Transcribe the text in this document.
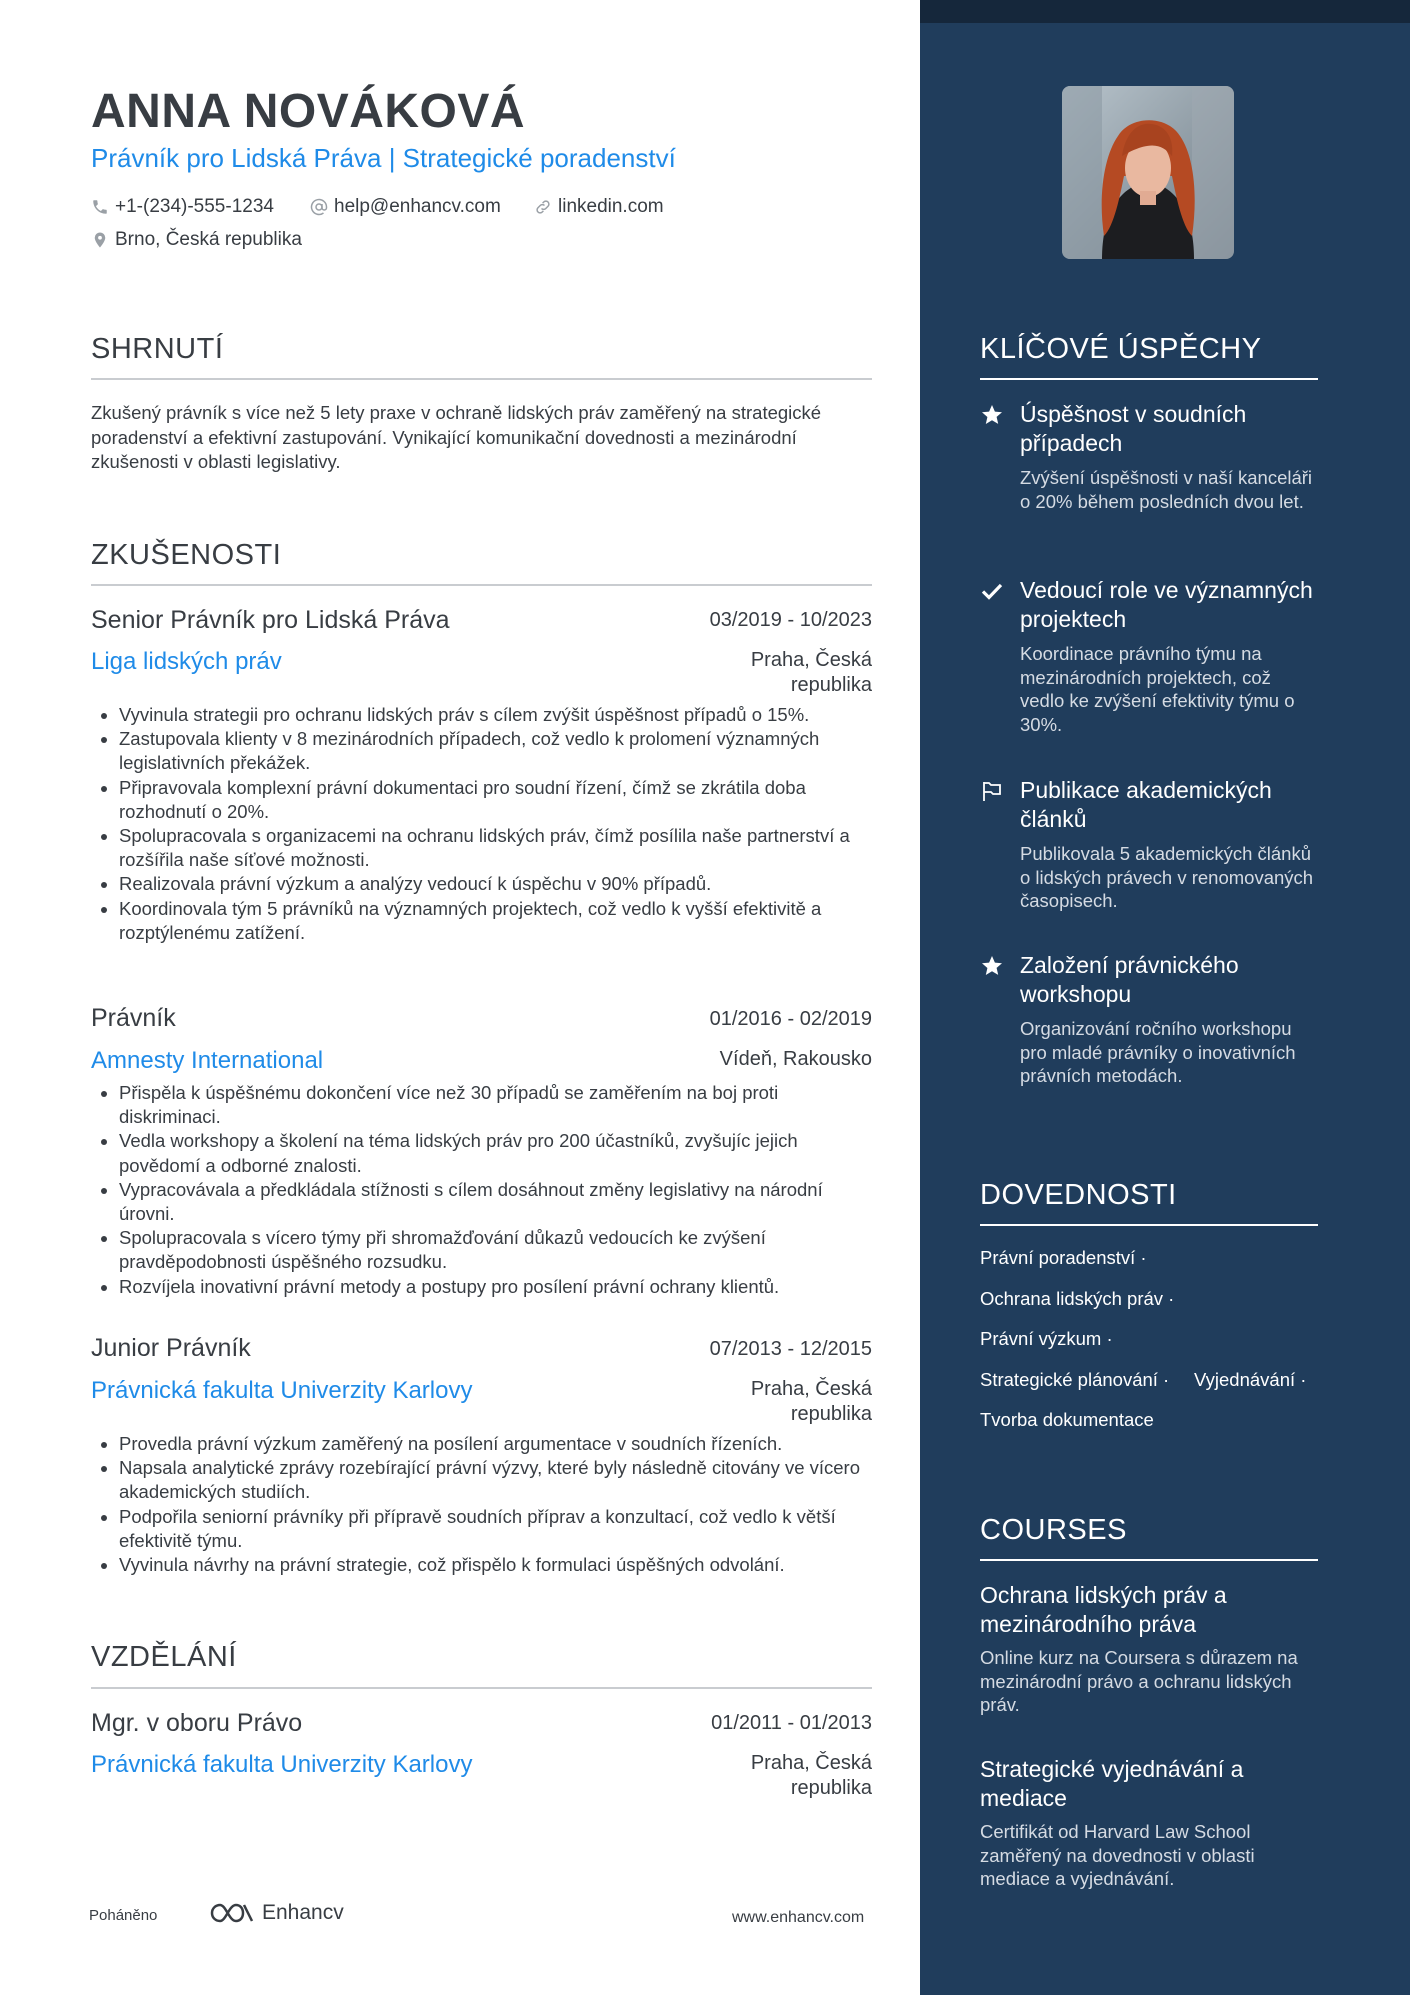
ANNA NOVÁKOVÁ
Právník pro Lidská Práva | Strategické poradenství
+1-(234)-555-1234	help@enhancv.com	linkedin.com
Brno, Česká republika
SHRNUTÍ
Zkušený právník s více než 5 lety praxe v ochraně lidských práv zaměřený na strategické poradenství a efektivní zastupování. Vynikající komunikační dovednosti a mezinárodní zkušenosti v oblasti legislativy.
ZKUŠENOSTI
Senior Právník pro Lidská Práva	03/2019 - 10/2023
Liga lidských práv	Praha, Česká republika
• Vyvinula strategii pro ochranu lidských práv s cílem zvýšit úspěšnost případů o 15%.
• Zastupovala klienty v 8 mezinárodních případech, což vedlo k prolomení významných legislativních překážek.
• Připravovala komplexní právní dokumentaci pro soudní řízení, čímž se zkrátila doba rozhodnutí o 20%.
• Spolupracovala s organizacemi na ochranu lidských práv, čímž posílila naše partnerství a rozšířila naše síťové možnosti.
• Realizovala právní výzkum a analýzy vedoucí k úspěchu v 90% případů.
• Koordinovala tým 5 právníků na významných projektech, což vedlo k vyšší efektivitě a rozptýlenému zatížení.
Právník	01/2016 - 02/2019
Amnesty International	Vídeň, Rakousko
• Přispěla k úspěšnému dokončení více než 30 případů se zaměřením na boj proti diskriminaci.
• Vedla workshopy a školení na téma lidských práv pro 200 účastníků, zvyšujíc jejich povědomí a odborné znalosti.
• Vypracovávala a předkládala stížnosti s cílem dosáhnout změny legislativy na národní úrovni.
• Spolupracovala s vícero týmy při shromažďování důkazů vedoucích ke zvýšení pravděpodobnosti úspěšného rozsudku.
• Rozvíjela inovativní právní metody a postupy pro posílení právní ochrany klientů.
Junior Právník	07/2013 - 12/2015
Právnická fakulta Univerzity Karlovy	Praha, Česká republika
• Provedla právní výzkum zaměřený na posílení argumentace v soudních řízeních.
• Napsala analytické zprávy rozebírající právní výzvy, které byly následně citovány ve vícero akademických studiích.
• Podpořila seniorní právníky při přípravě soudních příprav a konzultací, což vedlo k větší efektivitě týmu.
• Vyvinula návrhy na právní strategie, což přispělo k formulaci úspěšných odvolání.
VZDĚLÁNÍ
Mgr. v oboru Právo	01/2011 - 01/2013
Právnická fakulta Univerzity Karlovy	Praha, Česká republika
Poháněno	Enhancv	www.enhancv.com
KLÍČOVÉ ÚSPĚCHY
Úspěšnost v soudních případech
Zvýšení úspěšnosti v naší kanceláři o 20% během posledních dvou let.
Vedoucí role ve významných projektech
Koordinace právního týmu na mezinárodních projektech, což vedlo ke zvýšení efektivity týmu o 30%.
Publikace akademických článků
Publikovala 5 akademických článků o lidských právech v renomovaných časopisech.
Založení právnického workshopu
Organizování ročního workshopu pro mladé právníky o inovativních právních metodách.
DOVEDNOSTI
Právní poradenství ·
Ochrana lidských práv ·
Právní výzkum ·
Strategické plánování · Vyjednávání ·
Tvorba dokumentace
COURSES
Ochrana lidských práv a mezinárodního práva
Online kurz na Coursera s důrazem na mezinárodní právo a ochranu lidských práv.
Strategické vyjednávání a mediace
Certifikát od Harvard Law School zaměřený na dovednosti v oblasti mediace a vyjednávání.
